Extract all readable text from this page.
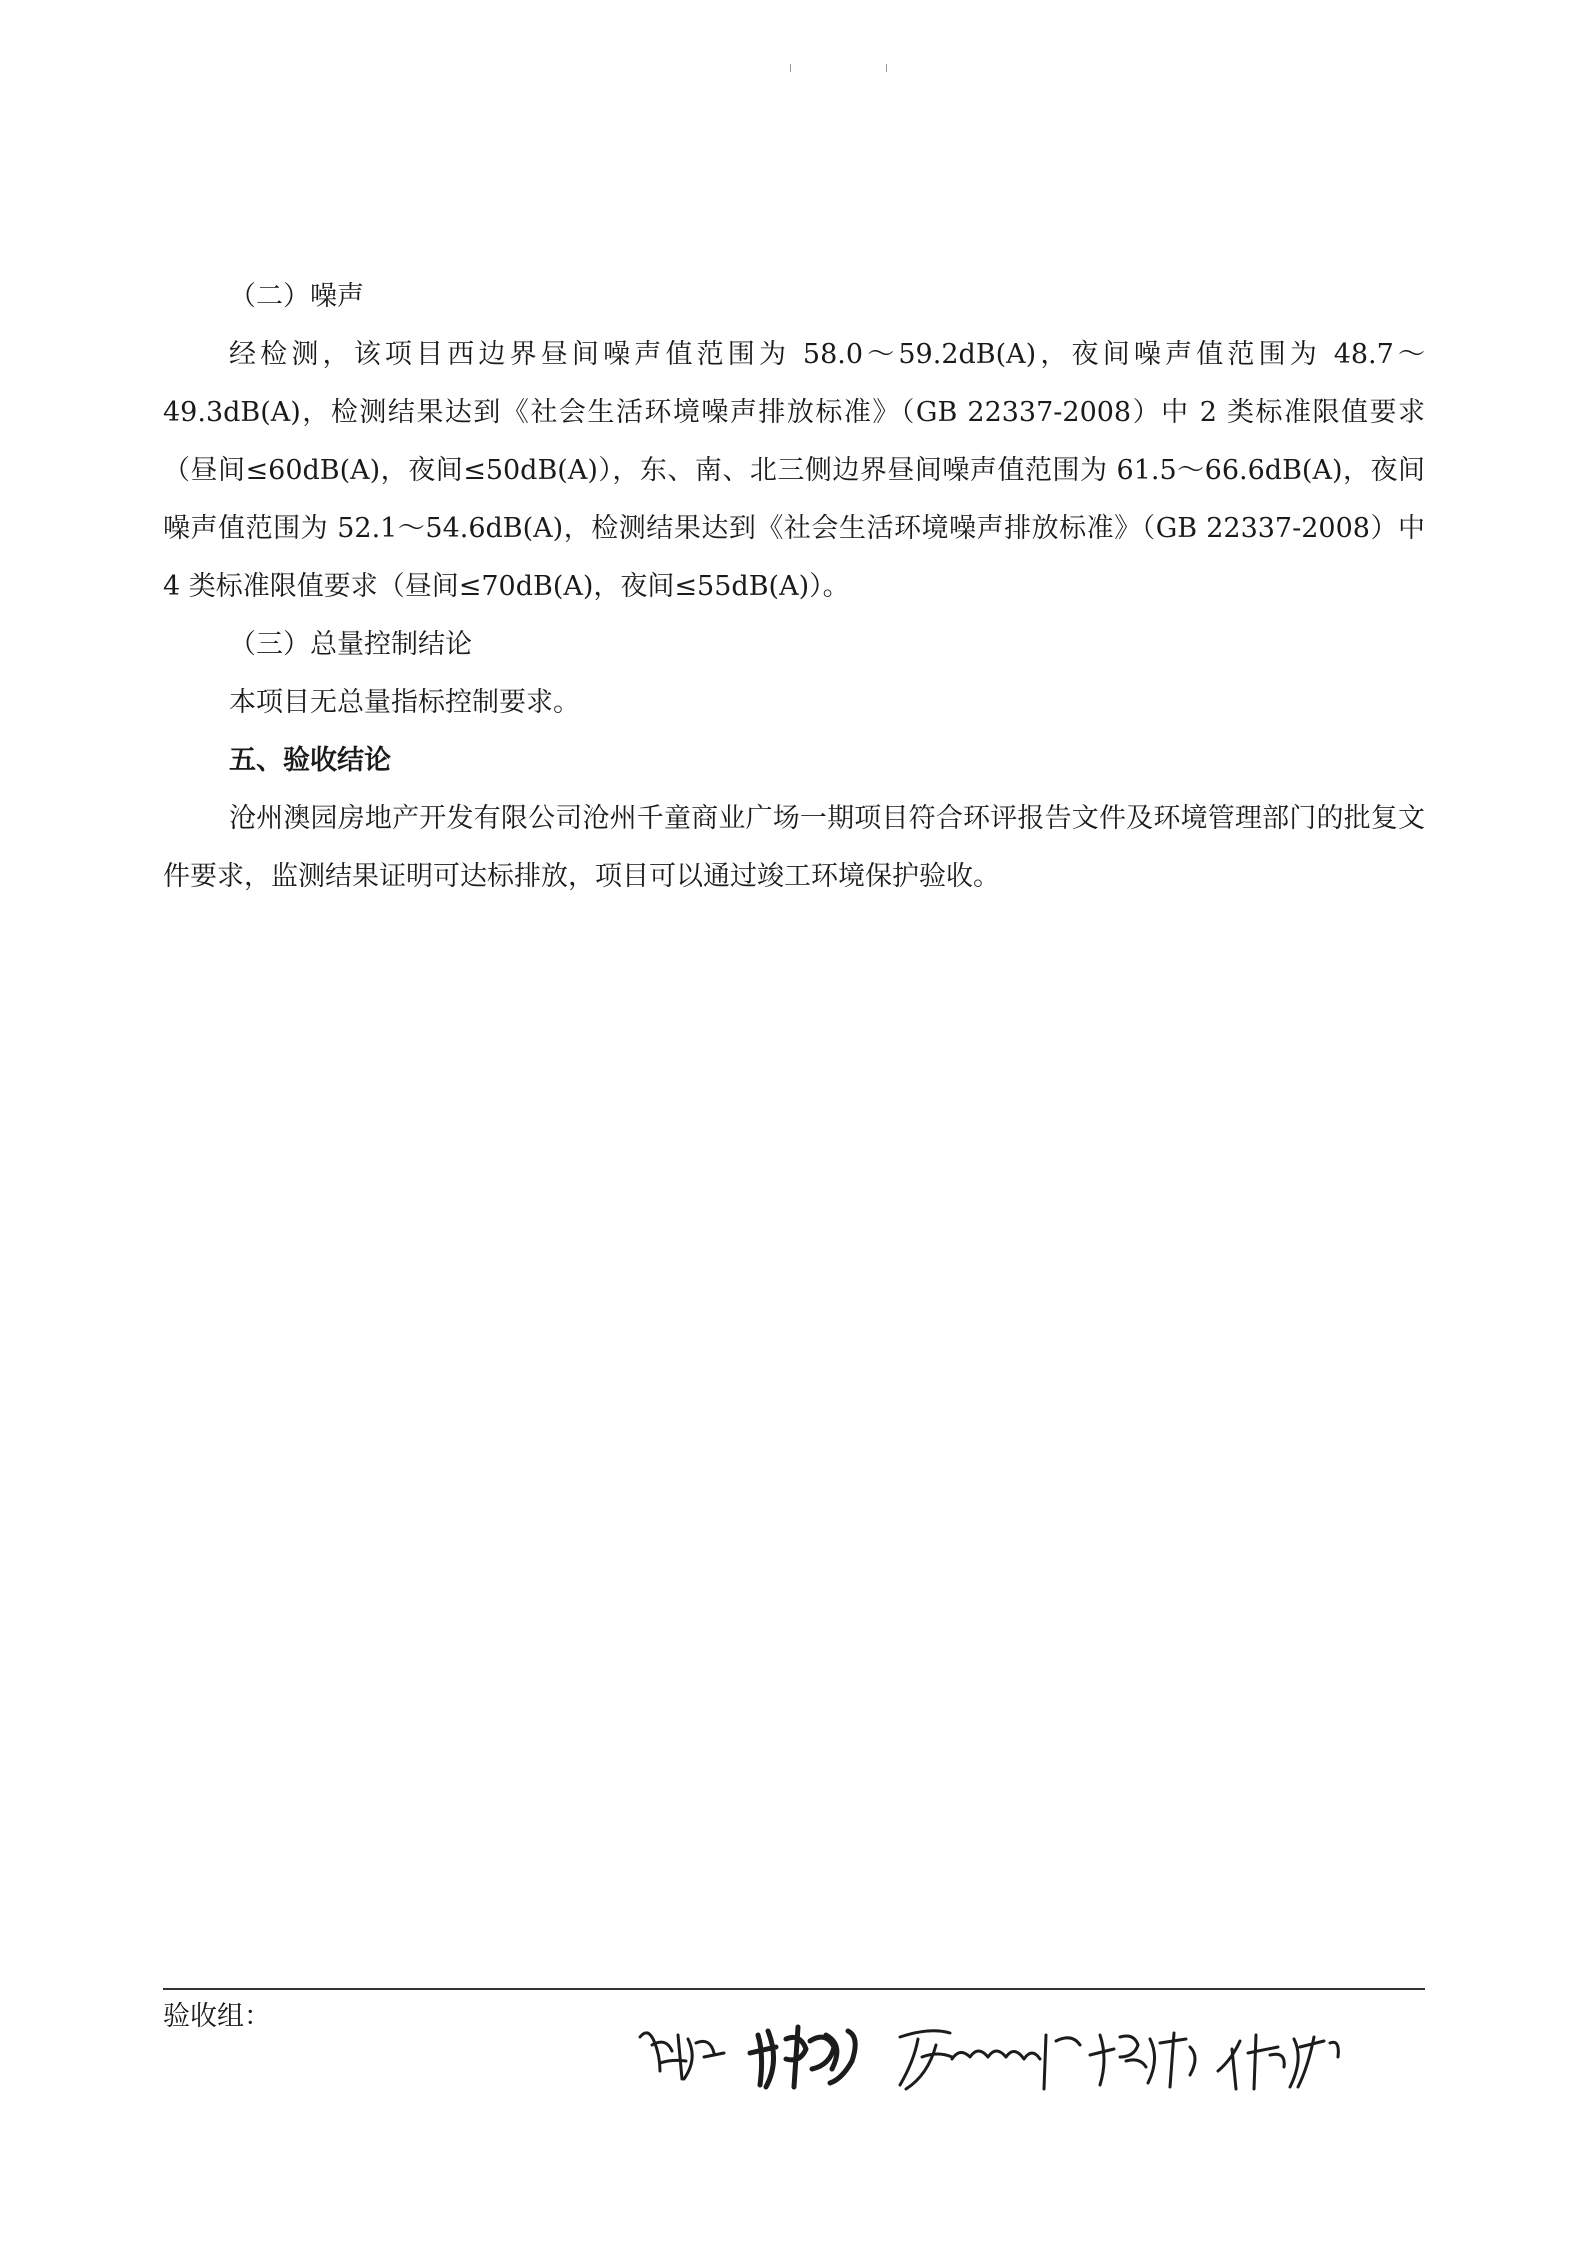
（二）噪声

经检测，该项目西边界昼间噪声值范围为 58.0～59.2dB(A)，夜间噪声值范围为 48.7～49.3dB(A)，检测结果达到《社会生活环境噪声排放标准》（GB 22337-2008）中 2 类标准限值要求（昼间≤60dB(A)，夜间≤50dB(A)），东、南、北三侧边界昼间噪声值范围为 61.5～66.6dB(A)，夜间噪声值范围为 52.1～54.6dB(A)，检测结果达到《社会生活环境噪声排放标准》（GB 22337-2008）中 4 类标准限值要求（昼间≤70dB(A)，夜间≤55dB(A)）。

（三）总量控制结论

本项目无总量指标控制要求。

五、验收结论

沧州澳园房地产开发有限公司沧州千童商业广场一期项目符合环评报告文件及环境管理部门的批复文件要求，监测结果证明可达标排放，项目可以通过竣工环境保护验收。

验收组：
